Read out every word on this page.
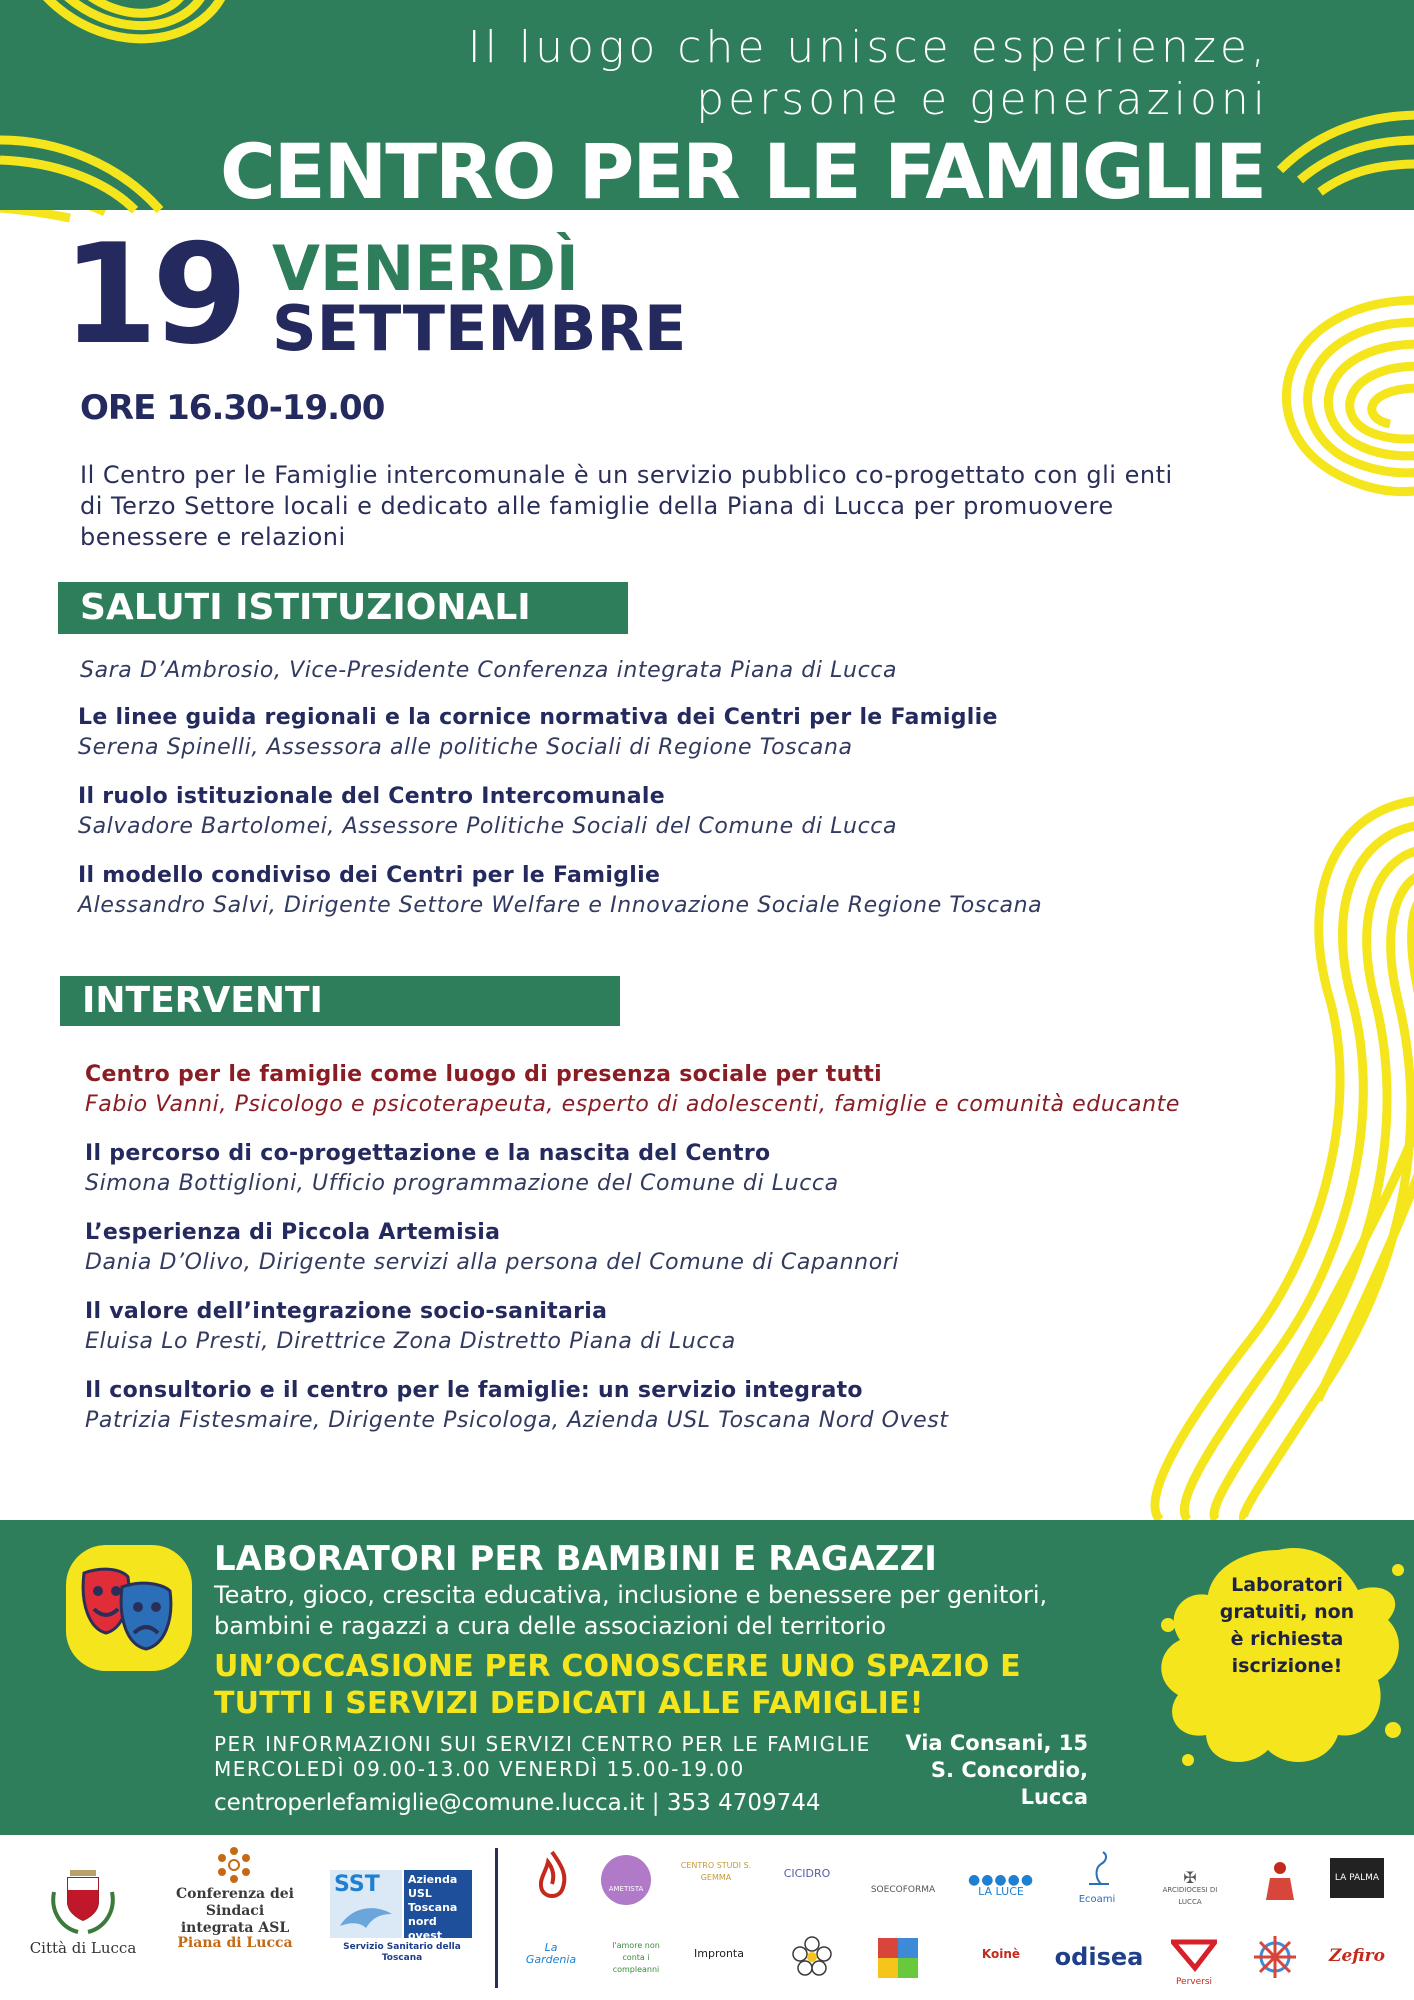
Il luogo che unisce esperienze,
persone e generazioni
CENTRO PER LE FAMIGLIE
19 VENERDÌ
SETTEMBRE
ORE 16.30-19.00
Il Centro per le Famiglie intercomunale è un servizio pubblico co-progettato con gli enti di Terzo Settore locali e dedicato alle famiglie della Piana di Lucca per promuovere benessere e relazioni
SALUTI ISTITUZIONALI
Sara D’Ambrosio, Vice-Presidente Conferenza integrata Piana di Lucca
Le linee guida regionali e la cornice normativa dei Centri per le Famiglie
Serena Spinelli, Assessora alle politiche Sociali di Regione Toscana
Il ruolo istituzionale del Centro Intercomunale
Salvadore Bartolomei, Assessore Politiche Sociali del Comune di Lucca
Il modello condiviso dei Centri per le Famiglie
Alessandro Salvi, Dirigente Settore Welfare e Innovazione Sociale Regione Toscana
INTERVENTI
Centro per le famiglie come luogo di presenza sociale per tutti
Fabio Vanni, Psicologo e psicoterapeuta, esperto di adolescenti, famiglie e comunità educante
Il percorso di co-progettazione e la nascita del Centro
Simona Bottiglioni, Ufficio programmazione del Comune di Lucca
L’esperienza di Piccola Artemisia
Dania D’Olivo, Dirigente servizi alla persona del Comune di Capannori
Il valore dell’integrazione socio-sanitaria
Eluisa Lo Presti, Direttrice Zona Distretto Piana di Lucca
Il consultorio e il centro per le famiglie: un servizio integrato
Patrizia Fistesmaire, Dirigente Psicologa, Azienda USL Toscana Nord Ovest
LABORATORI PER BAMBINI E RAGAZZI
Teatro, gioco, crescita educativa, inclusione e benessere per genitori,
bambini e ragazzi a cura delle associazioni del territorio
UN’OCCASIONE PER CONOSCERE UNO SPAZIO E
TUTTI I SERVIZI DEDICATI ALLE FAMIGLIE!
PER INFORMAZIONI SUI SERVIZI CENTRO PER LE FAMIGLIE
MERCOLEDÌ 09.00-13.00 VENERDÌ 15.00-19.00
centroperlefamiglie@comune.lucca.it | 353 4709744
Via Consani, 15
S. Concordio,
Lucca
Laboratori
gratuiti, non
è richiesta
iscrizione!
Città di Lucca
Conferenza dei Sindaci
integrata ASL
Piana di Lucca
SST	Azienda
USL
Toscana
nord ovest
Servizio Sanitario della Toscana
AMETISTA
CENTRO STUDI S. GEMMA	CICIDRO
SOECOFORMA
●●●●●
LA LUCE
Ecoami
✠
ARCIDIOCESI DI LUCCA
LA PALMA
La Gardenia
l'amore non conta i compleanni
Impronta	Koinè	odisea
Perversi
Zefiro
